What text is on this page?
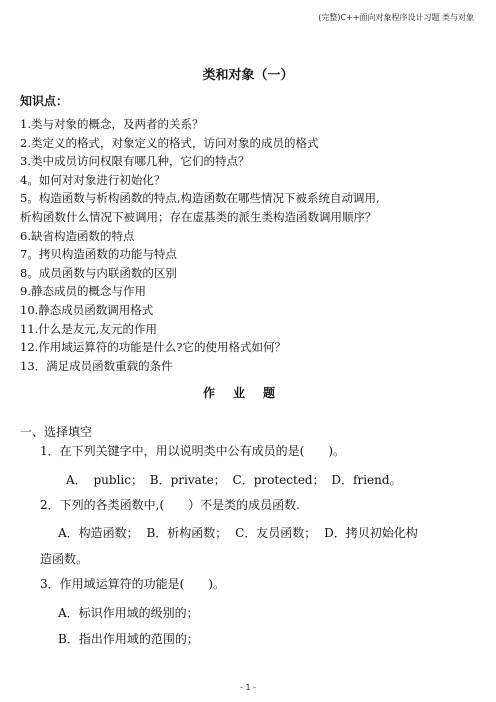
(完整)C++面向对象程序设计习题 类与对象
类和对象（一）
知识点：
1.类与对象的概念，及两者的关系？
2.类定义的格式，对象定义的格式，访问对象的成员的格式
3.类中成员访问权限有哪几种，它们的特点？
4。如何对对象进行初始化？
5。构造函数与析构函数的特点,构造函数在哪些情况下被系统自动调用,
析构函数什么情况下被调用；存在虚基类的派生类构造函数调用顺序？
6.缺省构造函数的特点
7。拷贝构造函数的功能与特点
8。成员函数与内联函数的区别
9.静态成员的概念与作用
10.静态成员函数调用格式
11.什么是友元,友元的作用
12.作用域运算符的功能是什么?它的使用格式如何？
13．满足成员函数重载的条件
作业题
一、选择填空
1．在下列关键字中，用以说明类中公有成员的是(　　)。
A． public； B．private； C．protected； D．friend。
2．下列的各类函数中,(　　）不是类的成员函数.
A．构造函数； B．析构函数； C．友员函数； D．拷贝初始化构
造函数。
3．作用域运算符的功能是(　　)。
A．标识作用域的级别的；
B．指出作用域的范围的；
- 1 -
